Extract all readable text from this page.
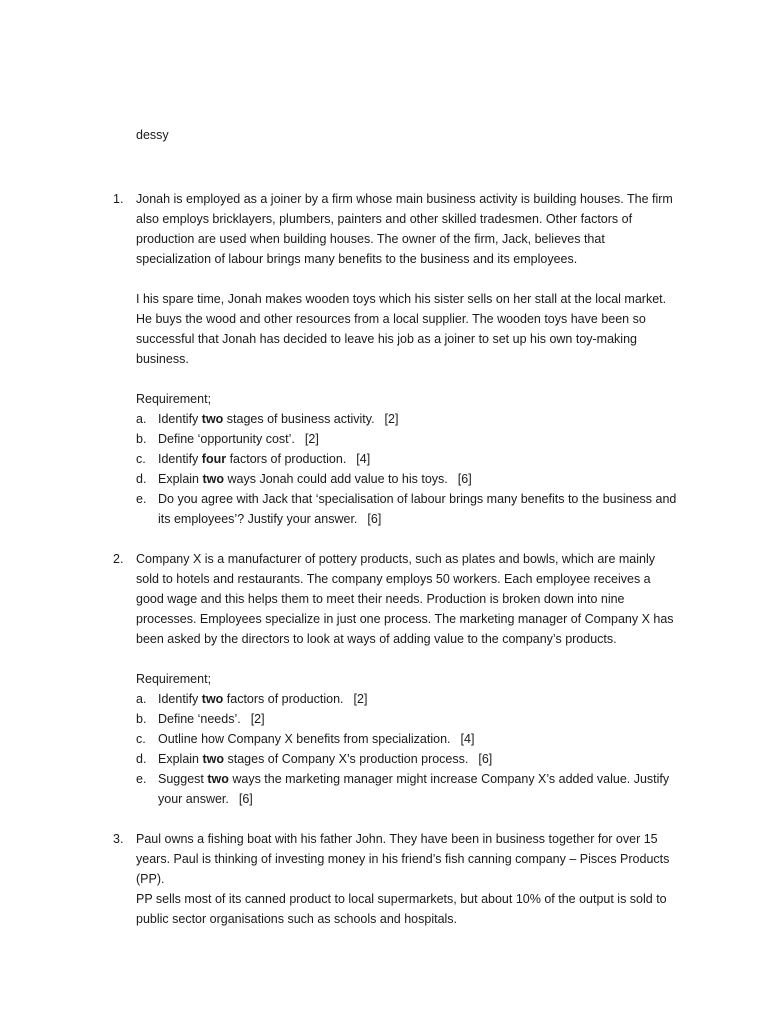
dessy

1. Jonah is employed as a joiner by a firm whose main business activity is building houses. The firm also employs bricklayers, plumbers, painters and other skilled tradesmen. Other factors of production are used when building houses. The owner of the firm, Jack, believes that specialization of labour brings many benefits to the business and its employees.

I his spare time, Jonah makes wooden toys which his sister sells on her stall at the local market. He buys the wood and other resources from a local supplier. The wooden toys have been so successful that Jonah has decided to leave his job as a joiner to set up his own toy-making business.

Requirement;

a. Identify two stages of business activity. [2]
b. Define ‘opportunity cost’. [2]
c. Identify four factors of production. [4]
d. Explain two ways Jonah could add value to his toys. [6]
e. Do you agree with Jack that ‘specialisation of labour brings many benefits to the business and its employees’? Justify your answer. [6]
2. Company X is a manufacturer of pottery products, such as plates and bowls, which are mainly sold to hotels and restaurants. The company employs 50 workers. Each employee receives a good wage and this helps them to meet their needs. Production is broken down into nine processes. Employees specialize in just one process. The marketing manager of Company X has been asked by the directors to look at ways of adding value to the company’s products.

Requirement;

a. Identify two factors of production. [2]
b. Define ‘needs’. [2]
c. Outline how Company X benefits from specialization. [4]
d. Explain two stages of Company X’s production process. [6]
e. Suggest two ways the marketing manager might increase Company X’s added value. Justify your answer. [6]
3. Paul owns a fishing boat with his father John. They have been in business together for over 15 years. Paul is thinking of investing money in his friend’s fish canning company – Pisces Products (PP).

PP sells most of its canned product to local supermarkets, but about 10% of the output is sold to public sector organisations such as schools and hospitals.
